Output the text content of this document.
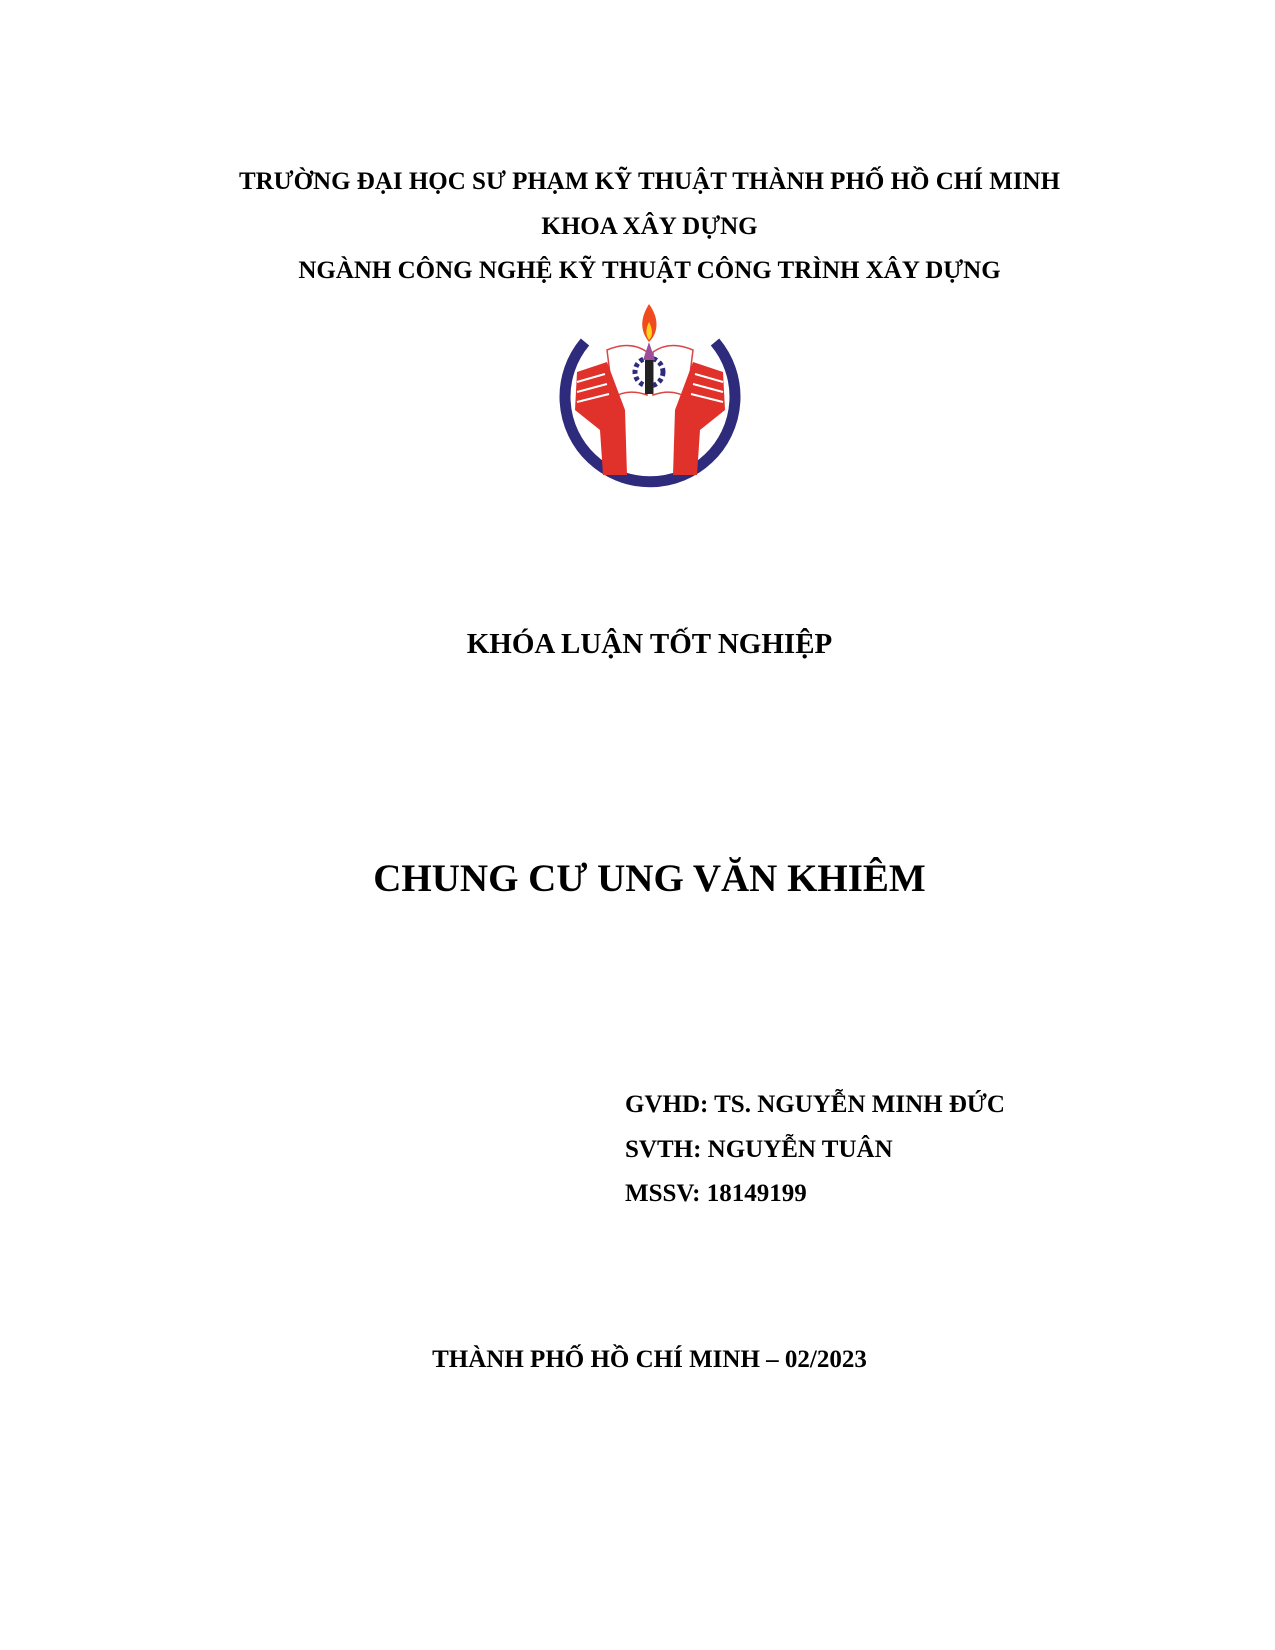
TRƯỜNG ĐẠI HỌC SƯ PHẠM KỸ THUẬT THÀNH PHỐ HỒ CHÍ MINH
KHOA XÂY DỰNG
NGÀNH CÔNG NGHỆ KỸ THUẬT CÔNG TRÌNH XÂY DỰNG
KHÓA LUẬN TỐT NGHIỆP
CHUNG CƯ UNG VĂN KHIÊM
GVHD: TS. NGUYỄN MINH ĐỨC
SVTH: NGUYỄN TUÂN
MSSV: 18149199
THÀNH PHỐ HỒ CHÍ MINH – 02/2023
